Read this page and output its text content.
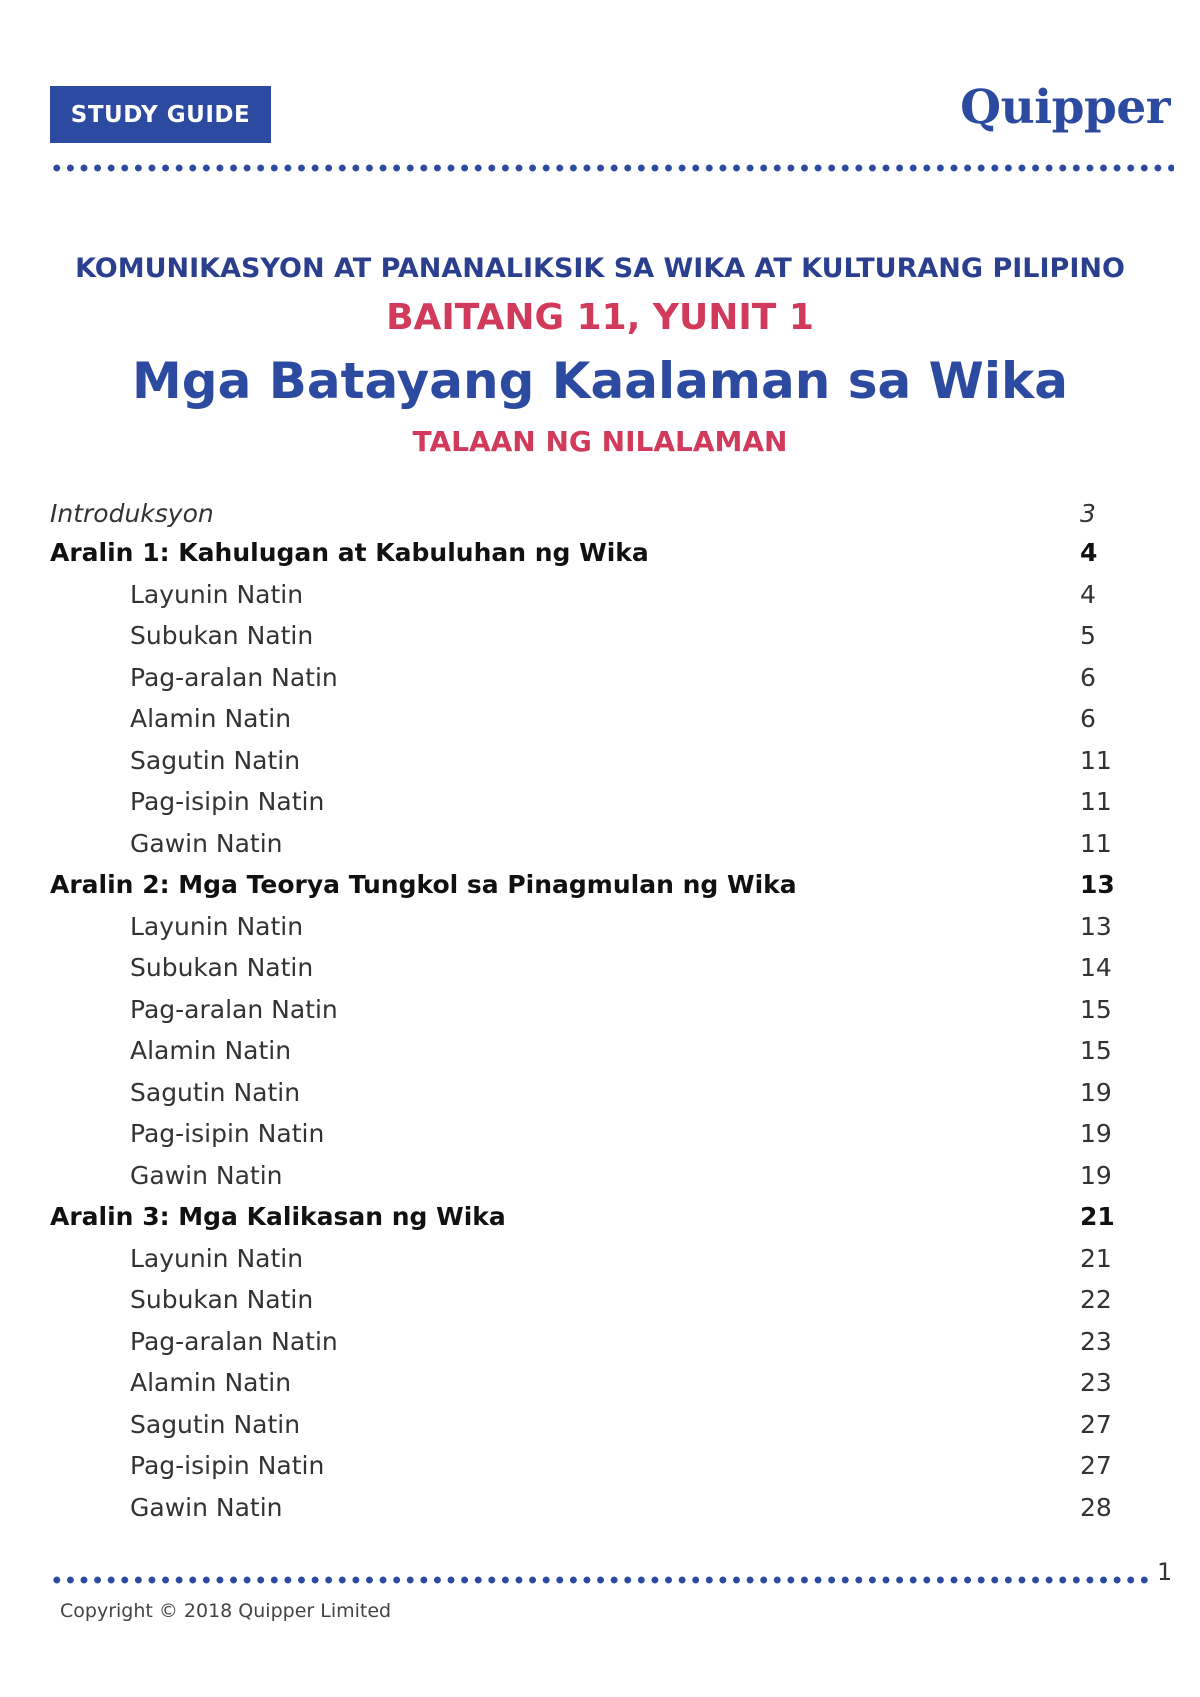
STUDY GUIDE	Quipper
KOMUNIKASYON AT PANANALIKSIK SA WIKA AT KULTURANG PILIPINO
BAITANG 11, YUNIT 1
Mga Batayang Kaalaman sa Wika
TALAAN NG NILALAMAN
Introduksyon	3
Aralin 1: Kahulugan at Kabuluhan ng Wika	4
Layunin Natin	4
Subukan Natin	5
Pag-aralan Natin	6
Alamin Natin	6
Sagutin Natin	11
Pag-isipin Natin	11
Gawin Natin	11
Aralin 2: Mga Teorya Tungkol sa Pinagmulan ng Wika	13
Layunin Natin	13
Subukan Natin	14
Pag-aralan Natin	15
Alamin Natin	15
Sagutin Natin	19
Pag-isipin Natin	19
Gawin Natin	19
Aralin 3: Mga Kalikasan ng Wika	21
Layunin Natin	21
Subukan Natin	22
Pag-aralan Natin	23
Alamin Natin	23
Sagutin Natin	27
Pag-isipin Natin	27
Gawin Natin	28
1
Copyright © 2018 Quipper Limited
